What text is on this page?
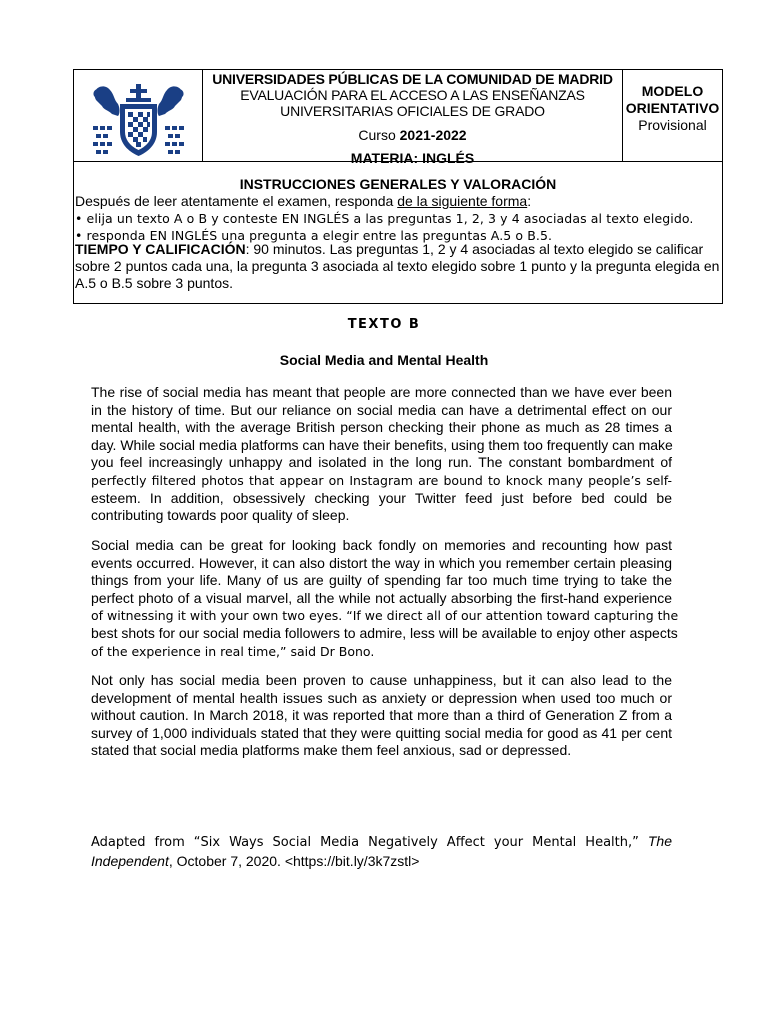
UNIVERSIDADES PÚBLICAS DE LA COMUNIDAD DE MADRID
EVALUACIÓN PARA EL ACCESO A LAS ENSEÑANZAS
UNIVERSITARIAS OFICIALES DE GRADO
Curso 2021-2022
MATERIA: INGLÉS
MODELO
ORIENTATIVO
Provisional
INSTRUCCIONES GENERALES Y VALORACIÓN
Después de leer atentamente el examen, responda de la siguiente forma:
• elija un texto A o B y conteste EN INGLÉS a las preguntas 1, 2, 3 y 4 asociadas al texto elegido.
• responda EN INGLÉS una pregunta a elegir entre las preguntas A.5 o B.5.
TIEMPO Y CALIFICACIÓN: 90 minutos. Las preguntas 1, 2 y 4 asociadas al texto elegido se calificar
sobre 2 puntos cada una, la pregunta 3 asociada al texto elegido sobre 1 punto y la pregunta elegida en
A.5 o B.5 sobre 3 puntos.
TEXTO B
Social Media and Mental Health
The rise of social media has meant that people are more connected than we have ever been
in the history of time. But our reliance on social media can have a detrimental effect on our
mental health, with the average British person checking their phone as much as 28 times a
day. While social media platforms can have their benefits, using them too frequently can make
you feel increasingly unhappy and isolated in the long run. The constant bombardment of
perfectly filtered photos that appear on Instagram are bound to knock many people’s self-
esteem. In addition, obsessively checking your Twitter feed just before bed could be
contributing towards poor quality of sleep.
Social media can be great for looking back fondly on memories and recounting how past
events occurred. However, it can also distort the way in which you remember certain pleasing
things from your life. Many of us are guilty of spending far too much time trying to take the
perfect photo of a visual marvel, all the while not actually absorbing the first-hand experience
of witnessing it with your own two eyes. “If we direct all of our attention toward capturing the
best shots for our social media followers to admire, less will be available to enjoy other aspects
of the experience in real time,” said Dr Bono.
Not only has social media been proven to cause unhappiness, but it can also lead to the
development of mental health issues such as anxiety or depression when used too much or
without caution. In March 2018, it was reported that more than a third of Generation Z from a
survey of 1,000 individuals stated that they were quitting social media for good as 41 per cent
stated that social media platforms make them feel anxious, sad or depressed.
Adapted from “Six Ways Social Media Negatively Affect your Mental Health,” The
Independent, October 7, 2020. <https://bit.ly/3k7zstl>
